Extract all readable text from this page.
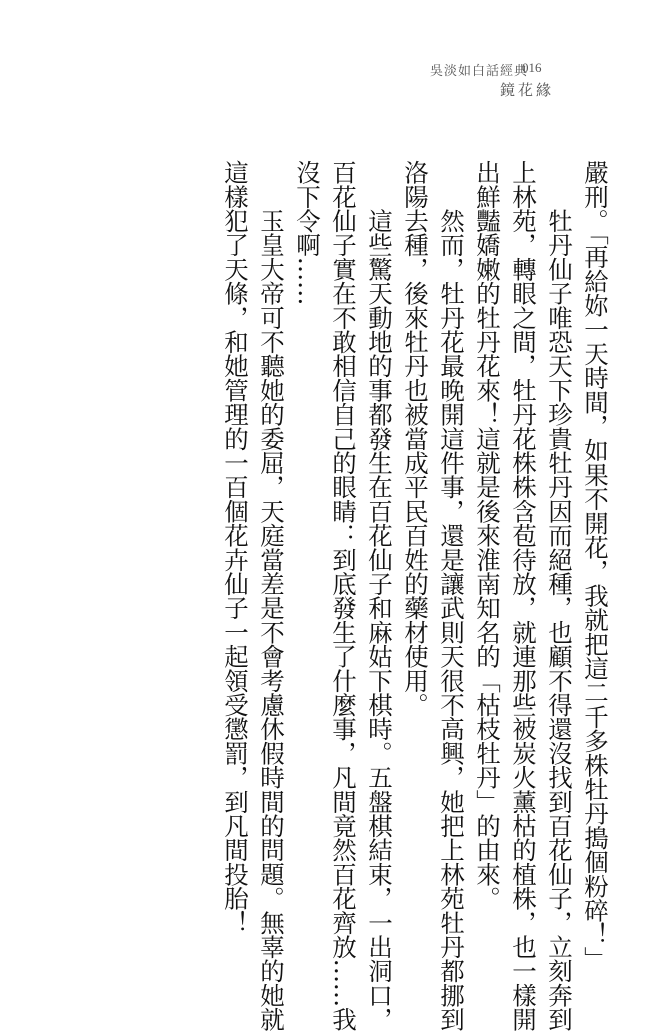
吳淡如白話經典
016
鏡花緣
嚴刑。「再給妳一天時間，如果不開花，我就把這二千多株牡丹搗個粉碎！」
　　牡丹仙子唯恐天下珍貴牡丹因而絕種，也顧不得還沒找到百花仙子，立刻奔到
上林苑，轉眼之間，牡丹花株株含苞待放，就連那些被炭火薰枯的植株，也一樣開
出鮮豔嬌嫩的牡丹花來！這就是後來淮南知名的「枯枝牡丹」的由來。
　　然而，牡丹花最晚開這件事，還是讓武則天很不高興，她把上林苑牡丹都挪到
洛陽去種，後來牡丹也被當成平民百姓的藥材使用。
　　這些驚天動地的事都發生在百花仙子和麻姑下棋時。五盤棋結束，一出洞口，
百花仙子實在不敢相信自己的眼睛：到底發生了什麼事，凡間竟然百花齊放……我
沒下令啊……
　　玉皇大帝可不聽她的委屈，天庭當差是不會考慮休假時間的問題。無辜的她就
這樣犯了天條，和她管理的一百個花卉仙子一起領受懲罰，到凡間投胎！
